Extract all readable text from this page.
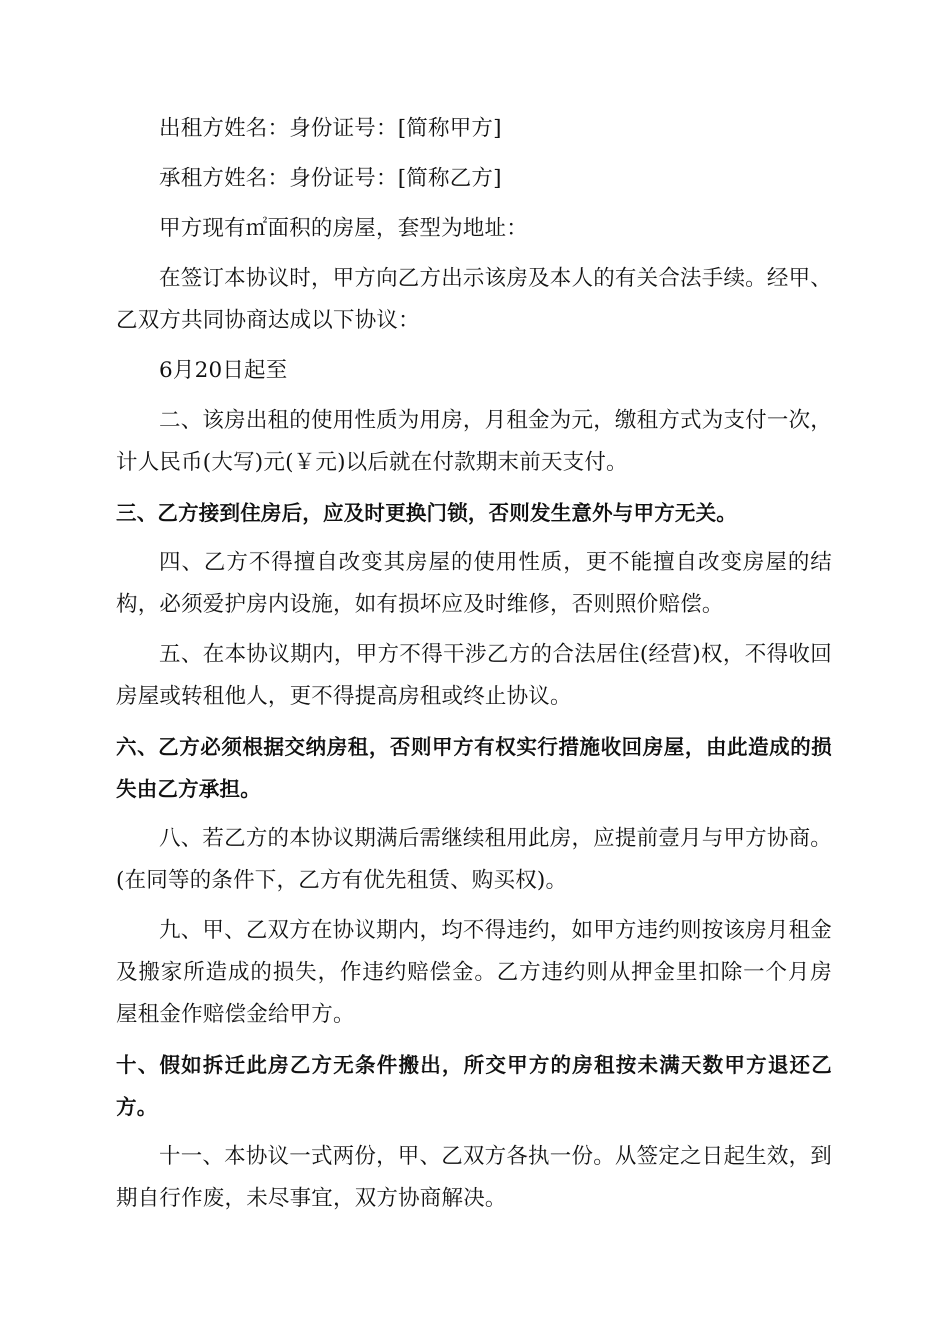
出租方姓名：身份证号：[简称甲方]

承租方姓名：身份证号：[简称乙方]

甲方现有㎡面积的房屋，套型为地址：

在签订本协议时，甲方向乙方出示该房及本人的有关合法手续。经甲、乙双方共同协商达成以下协议：

6月20日起至

二、该房出租的使用性质为用房，月租金为元，缴租方式为支付一次，计人民币(大写)元(￥元)以后就在付款期末前天支付。

三、乙方接到住房后，应及时更换门锁，否则发生意外与甲方无关。

四、乙方不得擅自改变其房屋的使用性质，更不能擅自改变房屋的结构，必须爱护房内设施，如有损坏应及时维修，否则照价赔偿。

五、在本协议期内，甲方不得干涉乙方的合法居住(经营)权，不得收回房屋或转租他人，更不得提高房租或终止协议。

六、乙方必须根据交纳房租，否则甲方有权实行措施收回房屋，由此造成的损失由乙方承担。

八、若乙方的本协议期满后需继续租用此房，应提前壹月与甲方协商。(在同等的条件下，乙方有优先租赁、购买权)。

九、甲、乙双方在协议期内，均不得违约，如甲方违约则按该房月租金及搬家所造成的损失，作违约赔偿金。乙方违约则从押金里扣除一个月房屋租金作赔偿金给甲方。

十、假如拆迁此房乙方无条件搬出，所交甲方的房租按未满天数甲方退还乙方。

十一、本协议一式两份，甲、乙双方各执一份。从签定之日起生效，到期自行作废，未尽事宜，双方协商解决。
